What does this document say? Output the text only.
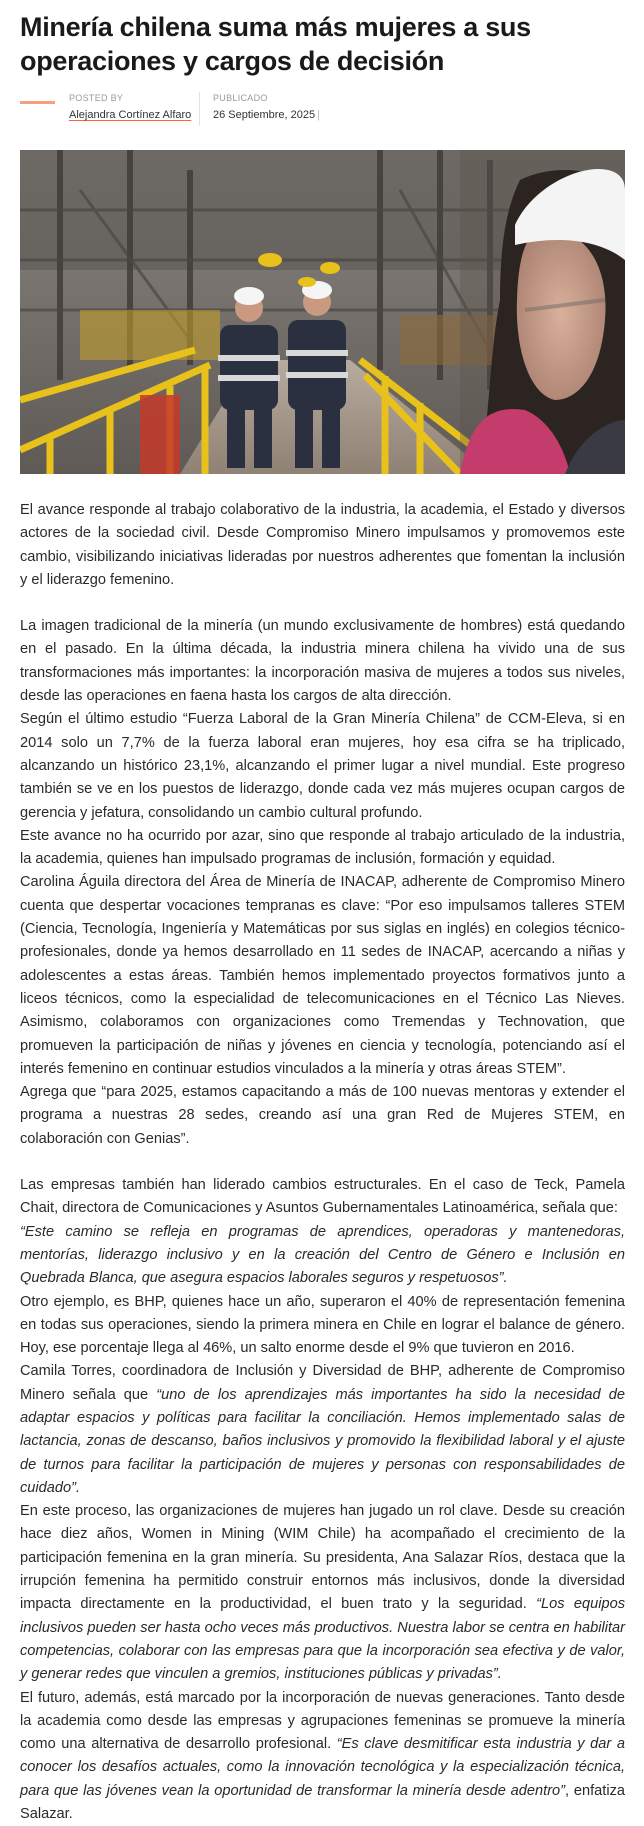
Minería chilena suma más mujeres a sus operaciones y cargos de decisión
POSTED BY
Alejandra Cortínez Alfaro
PUBLICADO
26 Septiembre, 2025 |

El avance responde al trabajo colaborativo de la industria, la academia, el Estado y diversos actores de la sociedad civil. Desde Compromiso Minero impulsamos y promovemos este cambio, visibilizando iniciativas lideradas por nuestros adherentes que fomentan la inclusión y el liderazgo femenino.

La imagen tradicional de la minería (un mundo exclusivamente de hombres) está quedando en el pasado. En la última década, la industria minera chilena ha vivido una de sus transformaciones más importantes: la incorporación masiva de mujeres a todos sus niveles, desde las operaciones en faena hasta los cargos de alta dirección.

Según el último estudio “Fuerza Laboral de la Gran Minería Chilena” de CCM-Eleva, si en 2014 solo un 7,7% de la fuerza laboral eran mujeres, hoy esa cifra se ha triplicado, alcanzando un histórico 23,1%, alcanzando el primer lugar a nivel mundial. Este progreso también se ve en los puestos de liderazgo, donde cada vez más mujeres ocupan cargos de gerencia y jefatura, consolidando un cambio cultural profundo.

Este avance no ha ocurrido por azar, sino que responde al trabajo articulado de la industria, la academia, quienes han impulsado programas de inclusión, formación y equidad.

Carolina Águila directora del Área de Minería de INACAP, adherente de Compromiso Minero cuenta que despertar vocaciones tempranas es clave: “Por eso impulsamos talleres STEM (Ciencia, Tecnología, Ingeniería y Matemáticas por sus siglas en inglés) en colegios técnico-profesionales, donde ya hemos desarrollado en 11 sedes de INACAP, acercando a niñas y adolescentes a estas áreas. También hemos implementado proyectos formativos junto a liceos técnicos, como la especialidad de telecomunicaciones en el Técnico Las Nieves. Asimismo, colaboramos con organizaciones como Tremendas y Technovation, que promueven la participación de niñas y jóvenes en ciencia y tecnología, potenciando así el interés femenino en continuar estudios vinculados a la minería y otras áreas STEM”.

Agrega que “para 2025, estamos capacitando a más de 100 nuevas mentoras y extender el programa a nuestras 28 sedes, creando así una gran Red de Mujeres STEM, en colaboración con Genias”.

Las empresas también han liderado cambios estructurales. En el caso de Teck, Pamela Chait, directora de Comunicaciones y Asuntos Gubernamentales Latinoamérica, señala que:

“Este camino se refleja en programas de aprendices, operadoras y mantenedoras, mentorías, liderazgo inclusivo y en la creación del Centro de Género e Inclusión en Quebrada Blanca, que asegura espacios laborales seguros y respetuosos”.

Otro ejemplo, es BHP, quienes hace un año, superaron el 40% de representación femenina en todas sus operaciones, siendo la primera minera en Chile en lograr el balance de género. Hoy, ese porcentaje llega al 46%, un salto enorme desde el 9% que tuvieron en 2016.

Camila Torres, coordinadora de Inclusión y Diversidad de BHP, adherente de Compromiso Minero señala que “uno de los aprendizajes más importantes ha sido la necesidad de adaptar espacios y políticas para facilitar la conciliación. Hemos implementado salas de lactancia, zonas de descanso, baños inclusivos y promovido la flexibilidad laboral y el ajuste de turnos para facilitar la participación de mujeres y personas con responsabilidades de cuidado”.

En este proceso, las organizaciones de mujeres han jugado un rol clave. Desde su creación hace diez años, Women in Mining (WIM Chile) ha acompañado el crecimiento de la participación femenina en la gran minería. Su presidenta, Ana Salazar Ríos, destaca que la irrupción femenina ha permitido construir entornos más inclusivos, donde la diversidad impacta directamente en la productividad, el buen trato y la seguridad. “Los equipos inclusivos pueden ser hasta ocho veces más productivos. Nuestra labor se centra en habilitar competencias, colaborar con las empresas para que la incorporación sea efectiva y de valor, y generar redes que vinculen a gremios, instituciones públicas y privadas”.

El futuro, además, está marcado por la incorporación de nuevas generaciones. Tanto desde la academia como desde las empresas y agrupaciones femeninas se promueve la minería como una alternativa de desarrollo profesional. “Es clave desmitificar esta industria y dar a conocer los desafíos actuales, como la innovación tecnológica y la especialización técnica, para que las jóvenes vean la oportunidad de transformar la minería desde adentro”, enfatiza Salazar.
